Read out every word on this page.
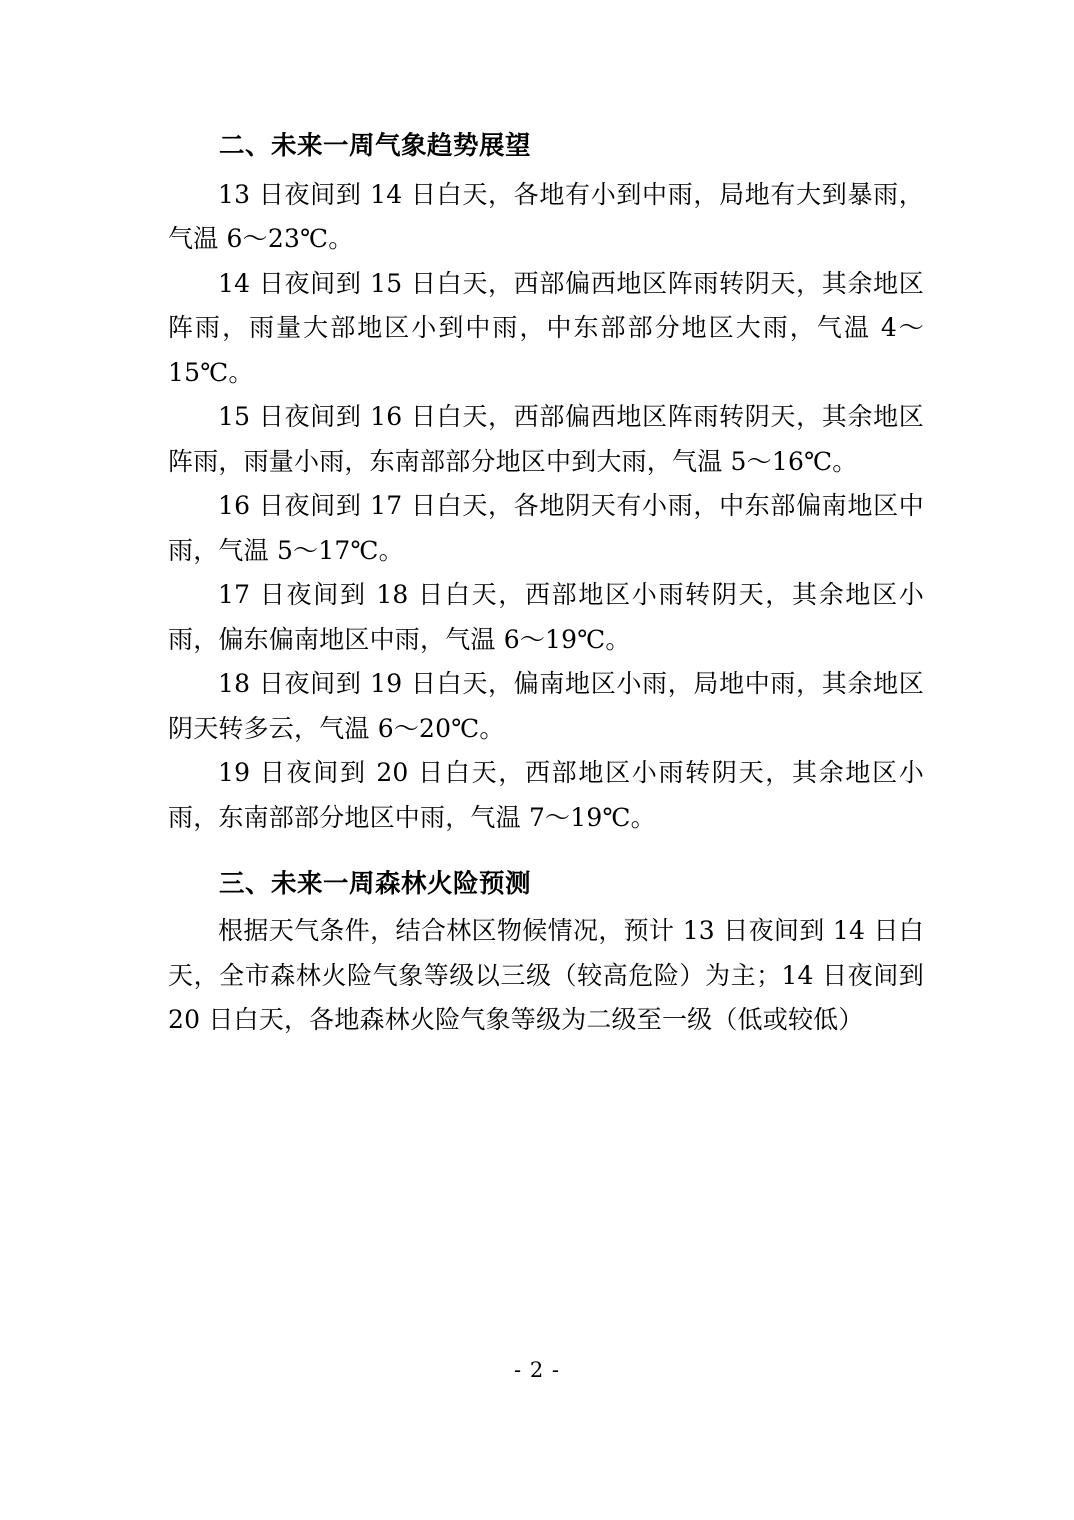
二、未来一周气象趋势展望

13 日夜间到 14 日白天，各地有小到中雨，局地有大到暴雨，气温 6～23℃。

14 日夜间到 15 日白天，西部偏西地区阵雨转阴天，其余地区阵雨，雨量大部地区小到中雨，中东部部分地区大雨，气温 4～15℃。

15 日夜间到 16 日白天，西部偏西地区阵雨转阴天，其余地区阵雨，雨量小雨，东南部部分地区中到大雨，气温 5～16℃。

16 日夜间到 17 日白天，各地阴天有小雨，中东部偏南地区中雨，气温 5～17℃。

17 日夜间到 18 日白天，西部地区小雨转阴天，其余地区小雨，偏东偏南地区中雨，气温 6～19℃。

18 日夜间到 19 日白天，偏南地区小雨，局地中雨，其余地区阴天转多云，气温 6～20℃。

19 日夜间到 20 日白天，西部地区小雨转阴天，其余地区小雨，东南部部分地区中雨，气温 7～19℃。

三、未来一周森林火险预测

根据天气条件，结合林区物候情况，预计 13 日夜间到 14 日白天，全市森林火险气象等级以三级（较高危险）为主；14 日夜间到 20 日白天，各地森林火险气象等级为二级至一级（低或较低）

- 2 -
